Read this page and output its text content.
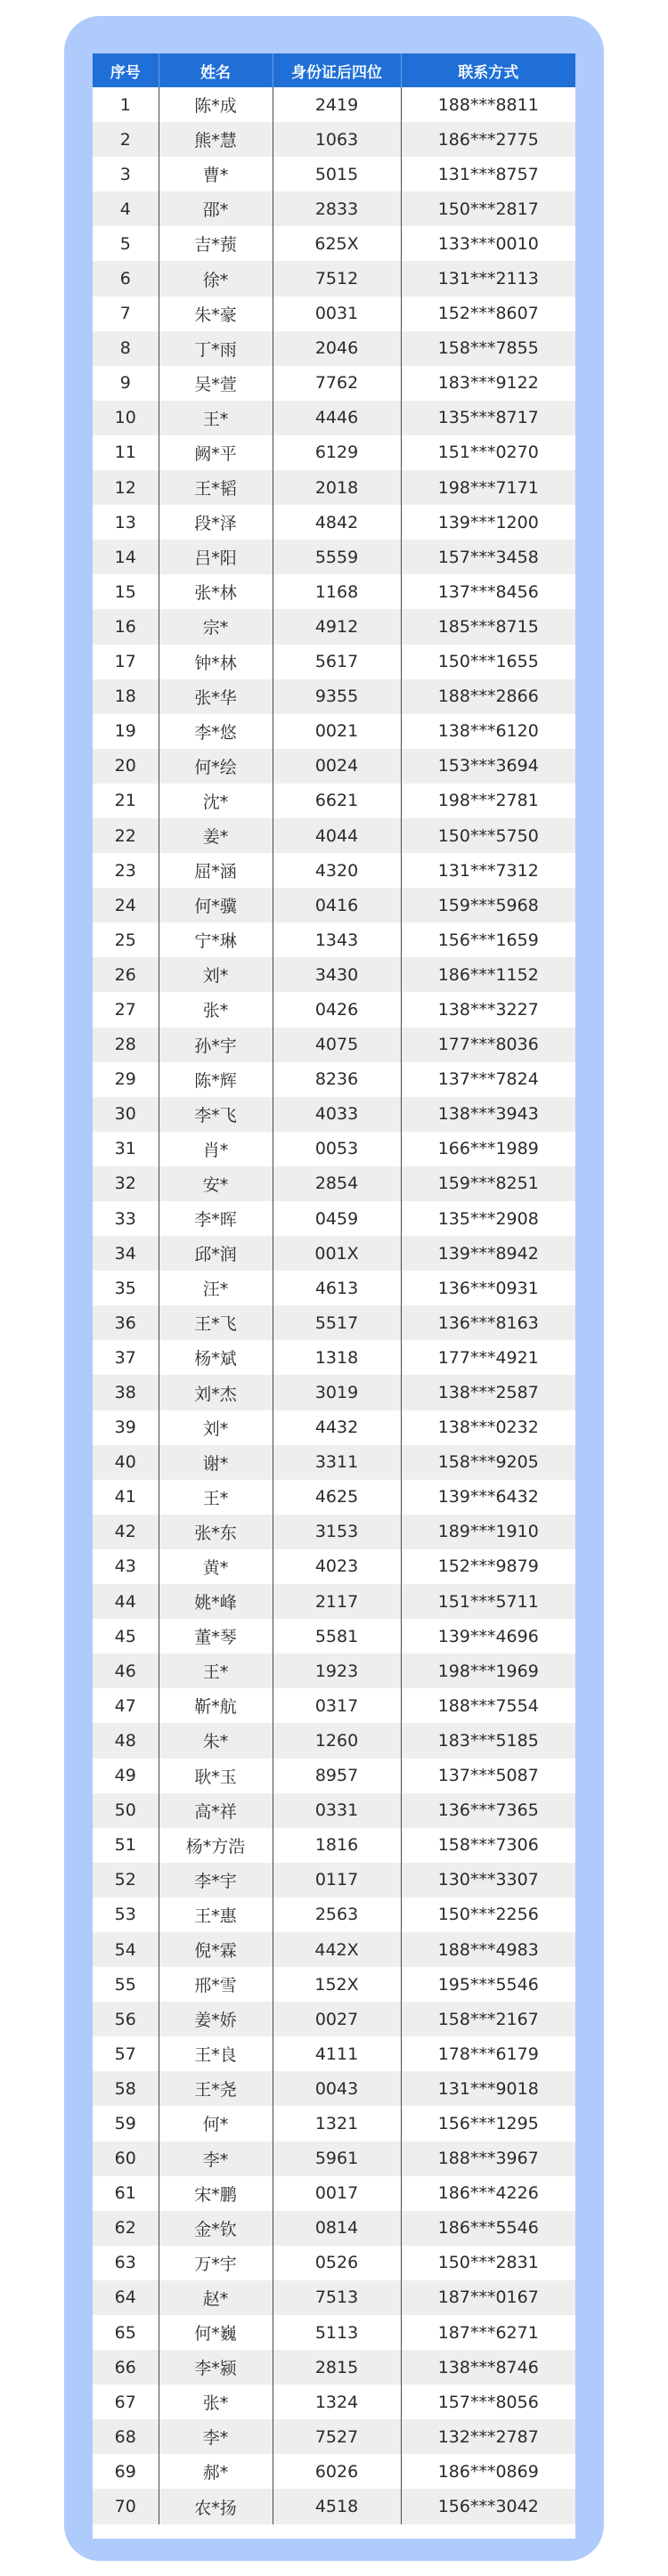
序号	姓名	身份证后四位	联系方式
1	陈*成	2419	188***8811
2	熊*慧	1063	186***2775
3	曹*	5015	131***8757
4	邵*	2833	150***2817
5	吉*蓣	625X	133***0010
6	徐*	7512	131***2113
7	朱*豪	0031	152***8607
8	丁*雨	2046	158***7855
9	吴*萱	7762	183***9122
10	王*	4446	135***8717
11	阙*平	6129	151***0270
12	王*韬	2018	198***7171
13	段*泽	4842	139***1200
14	吕*阳	5559	157***3458
15	张*林	1168	137***8456
16	宗*	4912	185***8715
17	钟*林	5617	150***1655
18	张*华	9355	188***2866
19	李*悠	0021	138***6120
20	何*绘	0024	153***3694
21	沈*	6621	198***2781
22	姜*	4044	150***5750
23	屈*涵	4320	131***7312
24	何*骥	0416	159***5968
25	宁*琳	1343	156***1659
26	刘*	3430	186***1152
27	张*	0426	138***3227
28	孙*宇	4075	177***8036
29	陈*辉	8236	137***7824
30	李*飞	4033	138***3943
31	肖*	0053	166***1989
32	安*	2854	159***8251
33	李*晖	0459	135***2908
34	邱*润	001X	139***8942
35	汪*	4613	136***0931
36	王*飞	5517	136***8163
37	杨*斌	1318	177***4921
38	刘*杰	3019	138***2587
39	刘*	4432	138***0232
40	谢*	3311	158***9205
41	王*	4625	139***6432
42	张*东	3153	189***1910
43	黄*	4023	152***9879
44	姚*峰	2117	151***5711
45	董*琴	5581	139***4696
46	王*	1923	198***1969
47	靳*航	0317	188***7554
48	朱*	1260	183***5185
49	耿*玉	8957	137***5087
50	高*祥	0331	136***7365
51	杨*方浩	1816	158***7306
52	李*宇	0117	130***3307
53	王*惠	2563	150***2256
54	倪*霖	442X	188***4983
55	邢*雪	152X	195***5546
56	姜*娇	0027	158***2167
57	王*良	4111	178***6179
58	王*尧	0043	131***9018
59	何*	1321	156***1295
60	李*	5961	188***3967
61	宋*鹏	0017	186***4226
62	金*钦	0814	186***5546
63	万*宇	0526	150***2831
64	赵*	7513	187***0167
65	何*巍	5113	187***6271
66	李*颍	2815	138***8746
67	张*	1324	157***8056
68	李*	7527	132***2787
69	郝*	6026	186***0869
70	农*扬	4518	156***3042
